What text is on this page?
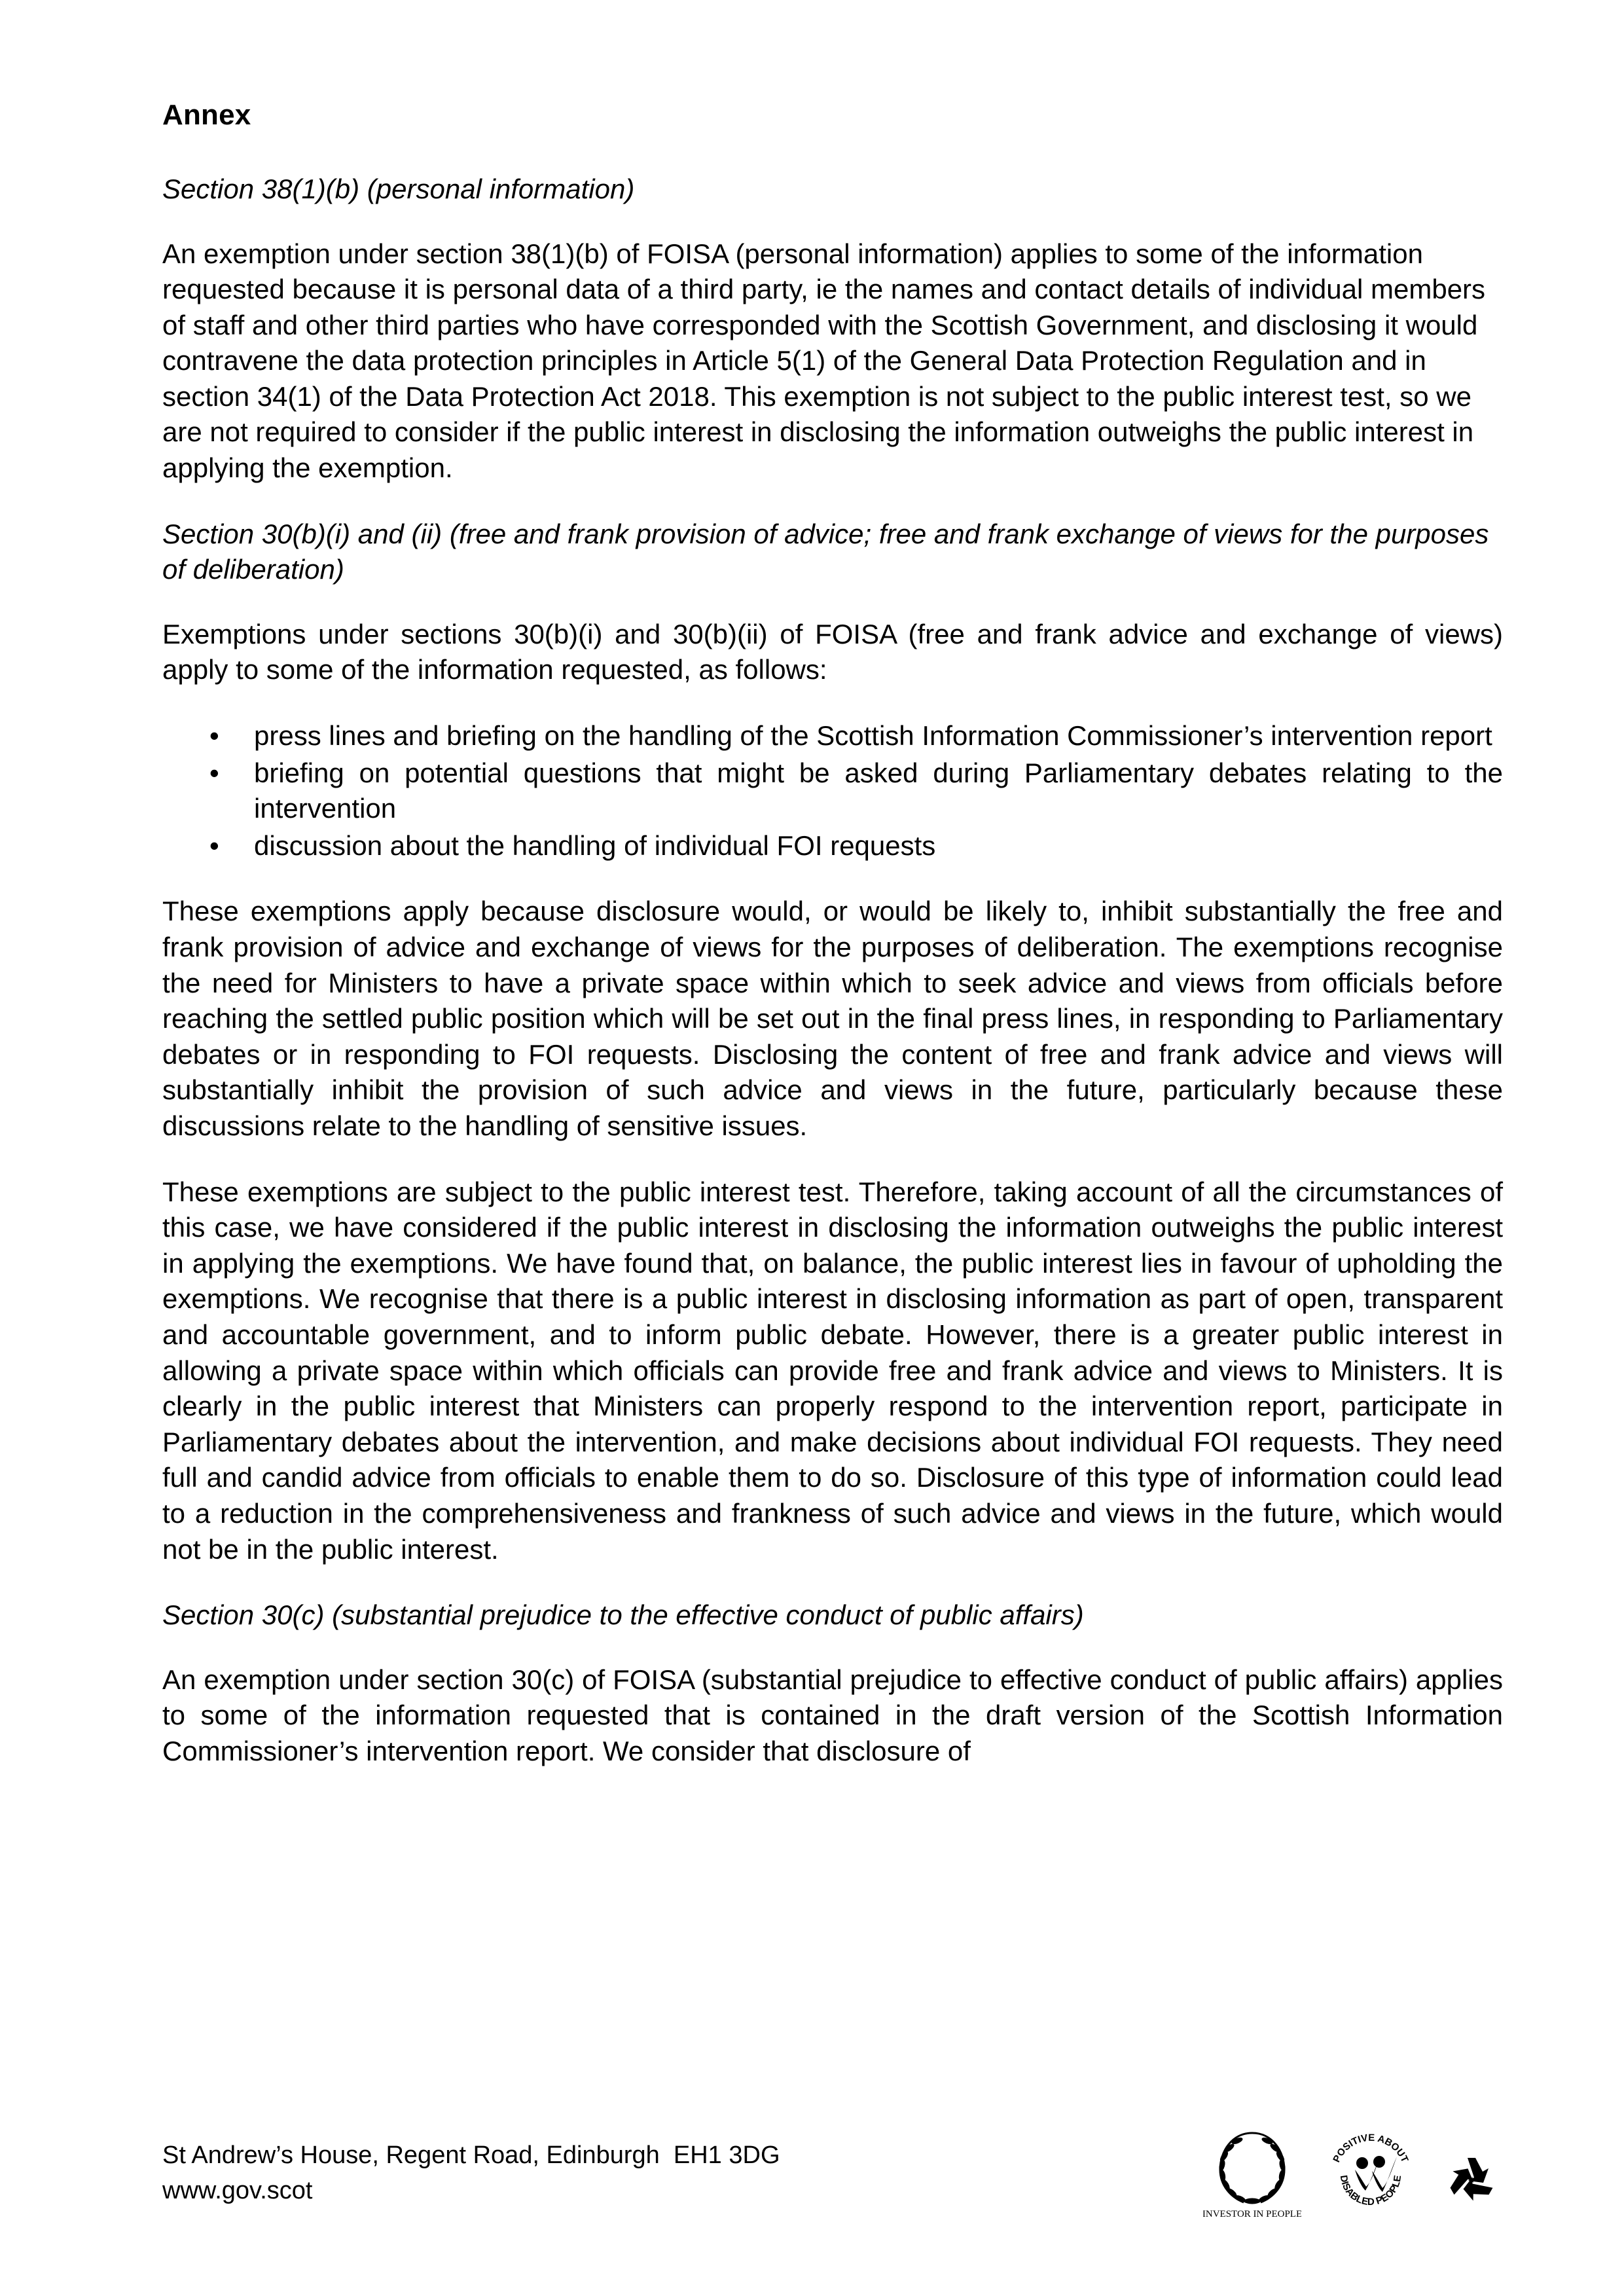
Annex
Section 38(1)(b) (personal information)

An exemption under section 38(1)(b) of FOISA (personal information) applies to some of the information requested because it is personal data of a third party, ie the names and contact details of individual members of staff and other third parties who have corresponded with the Scottish Government, and disclosing it would contravene the data protection principles in Article 5(1) of the General Data Protection Regulation and in section 34(1) of the Data Protection Act 2018. This exemption is not subject to the public interest test, so we are not required to consider if the public interest in disclosing the information outweighs the public interest in applying the exemption.

Section 30(b)(i) and (ii) (free and frank provision of advice; free and frank exchange of views for the purposes of deliberation)

Exemptions under sections 30(b)(i) and 30(b)(ii) of FOISA (free and frank advice and exchange of views) apply to some of the information requested, as follows:

• press lines and briefing on the handling of the Scottish Information Commissioner’s intervention report
• briefing on potential questions that might be asked during Parliamentary debates relating to the intervention
• discussion about the handling of individual FOI requests

These exemptions apply because disclosure would, or would be likely to, inhibit substantially the free and frank provision of advice and exchange of views for the purposes of deliberation. The exemptions recognise the need for Ministers to have a private space within which to seek advice and views from officials before reaching the settled public position which will be set out in the final press lines, in responding to Parliamentary debates or in responding to FOI requests. Disclosing the content of free and frank advice and views will substantially inhibit the provision of such advice and views in the future, particularly because these discussions relate to the handling of sensitive issues.

These exemptions are subject to the public interest test. Therefore, taking account of all the circumstances of this case, we have considered if the public interest in disclosing the information outweighs the public interest in applying the exemptions. We have found that, on balance, the public interest lies in favour of upholding the exemptions. We recognise that there is a public interest in disclosing information as part of open, transparent and accountable government, and to inform public debate. However, there is a greater public interest in allowing a private space within which officials can provide free and frank advice and views to Ministers. It is clearly in the public interest that Ministers can properly respond to the intervention report, participate in Parliamentary debates about the intervention, and make decisions about individual FOI requests. They need full and candid advice from officials to enable them to do so. Disclosure of this type of information could lead to a reduction in the comprehensiveness and frankness of such advice and views in the future, which would not be in the public interest.

Section 30(c) (substantial prejudice to the effective conduct of public affairs)

An exemption under section 30(c) of FOISA (substantial prejudice to effective conduct of public affairs) applies to some of the information requested that is contained in the draft version of the Scottish Information Commissioner’s intervention report. We consider that disclosure of

St Andrew’s House, Regent Road, Edinburgh  EH1 3DG
www.gov.scot
INVESTOR IN PEOPLE
POSITIVE ABOUT
DISABLED PEOPLE
